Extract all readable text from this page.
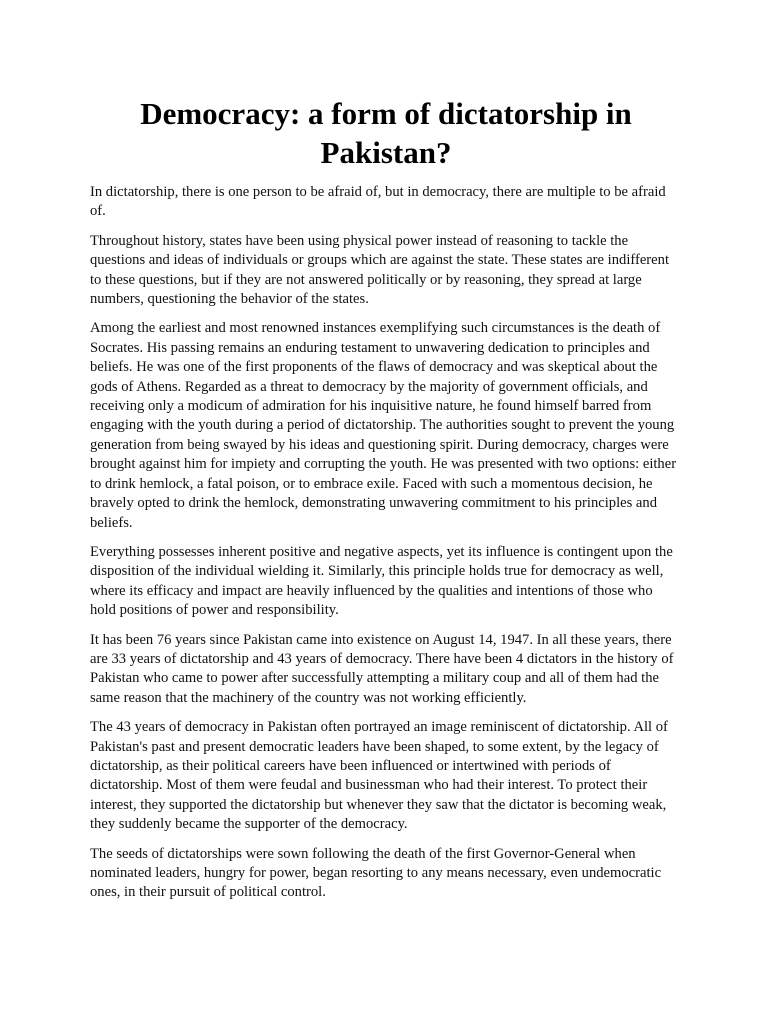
Democracy: a form of dictatorship in Pakistan?

In dictatorship, there is one person to be afraid of, but in democracy, there are multiple to be afraid of.

Throughout history, states have been using physical power instead of reasoning to tackle the questions and ideas of individuals or groups which are against the state. These states are indifferent to these questions, but if they are not answered politically or by reasoning, they spread at large numbers, questioning the behavior of the states.

Among the earliest and most renowned instances exemplifying such circumstances is the death of Socrates. His passing remains an enduring testament to unwavering dedication to principles and beliefs. He was one of the first proponents of the flaws of democracy and was skeptical about the gods of Athens. Regarded as a threat to democracy by the majority of government officials, and receiving only a modicum of admiration for his inquisitive nature, he found himself barred from engaging with the youth during a period of dictatorship. The authorities sought to prevent the young generation from being swayed by his ideas and questioning spirit. During democracy, charges were brought against him for impiety and corrupting the youth. He was presented with two options: either to drink hemlock, a fatal poison, or to embrace exile. Faced with such a momentous decision, he bravely opted to drink the hemlock, demonstrating unwavering commitment to his principles and beliefs.

Everything possesses inherent positive and negative aspects, yet its influence is contingent upon the disposition of the individual wielding it. Similarly, this principle holds true for democracy as well, where its efficacy and impact are heavily influenced by the qualities and intentions of those who hold positions of power and responsibility.

It has been 76 years since Pakistan came into existence on August 14, 1947. In all these years, there are 33 years of dictatorship and 43 years of democracy. There have been 4 dictators in the history of Pakistan who came to power after successfully attempting a military coup and all of them had the same reason that the machinery of the country was not working efficiently.

The 43 years of democracy in Pakistan often portrayed an image reminiscent of dictatorship. All of Pakistan's past and present democratic leaders have been shaped, to some extent, by the legacy of dictatorship, as their political careers have been influenced or intertwined with periods of dictatorship. Most of them were feudal and businessman who had their interest. To protect their interest, they supported the dictatorship but whenever they saw that the dictator is becoming weak, they suddenly became the supporter of the democracy.

The seeds of dictatorships were sown following the death of the first Governor-General when nominated leaders, hungry for power, began resorting to any means necessary, even undemocratic ones, in their pursuit of political control.
